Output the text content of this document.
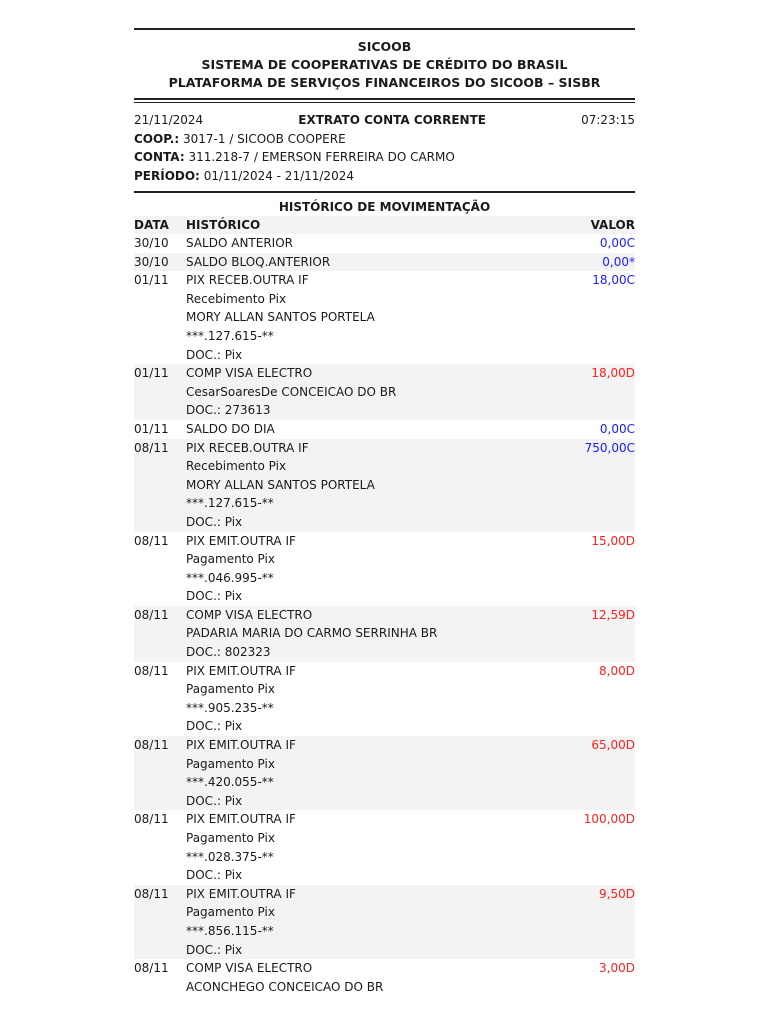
SICOOB
SISTEMA DE COOPERATIVAS DE CRÉDITO DO BRASIL
PLATAFORMA DE SERVIÇOS FINANCEIROS DO SICOOB – SISBR
21/11/2024	EXTRATO CONTA CORRENTE	07:23:15
COOP.: 3017-1 / SICOOB COOPERE
CONTA: 311.218-7 / EMERSON FERREIRA DO CARMO
PERÍODO: 01/11/2024 - 21/11/2024
HISTÓRICO DE MOVIMENTAÇÃO
DATA	HISTÓRICO	VALOR
30/10	SALDO ANTERIOR	0,00C
30/10	SALDO BLOQ.ANTERIOR	0,00*
01/11	PIX RECEB.OUTRA IF
Recebimento Pix
MORY ALLAN SANTOS PORTELA
***.127.615-**
DOC.: Pix	18,00C
01/11	COMP VISA ELECTRO
CesarSoaresDe CONCEICAO DO BR
DOC.: 273613	18,00D
01/11	SALDO DO DIA	0,00C
08/11	PIX RECEB.OUTRA IF
Recebimento Pix
MORY ALLAN SANTOS PORTELA
***.127.615-**
DOC.: Pix	750,00C
08/11	PIX EMIT.OUTRA IF
Pagamento Pix
***.046.995-**
DOC.: Pix	15,00D
08/11	COMP VISA ELECTRO
PADARIA MARIA DO CARMO SERRINHA BR
DOC.: 802323	12,59D
08/11	PIX EMIT.OUTRA IF
Pagamento Pix
***.905.235-**
DOC.: Pix	8,00D
08/11	PIX EMIT.OUTRA IF
Pagamento Pix
***.420.055-**
DOC.: Pix	65,00D
08/11	PIX EMIT.OUTRA IF
Pagamento Pix
***.028.375-**
DOC.: Pix	100,00D
08/11	PIX EMIT.OUTRA IF
Pagamento Pix
***.856.115-**
DOC.: Pix	9,50D
08/11	COMP VISA ELECTRO
ACONCHEGO CONCEICAO DO BR	3,00D
